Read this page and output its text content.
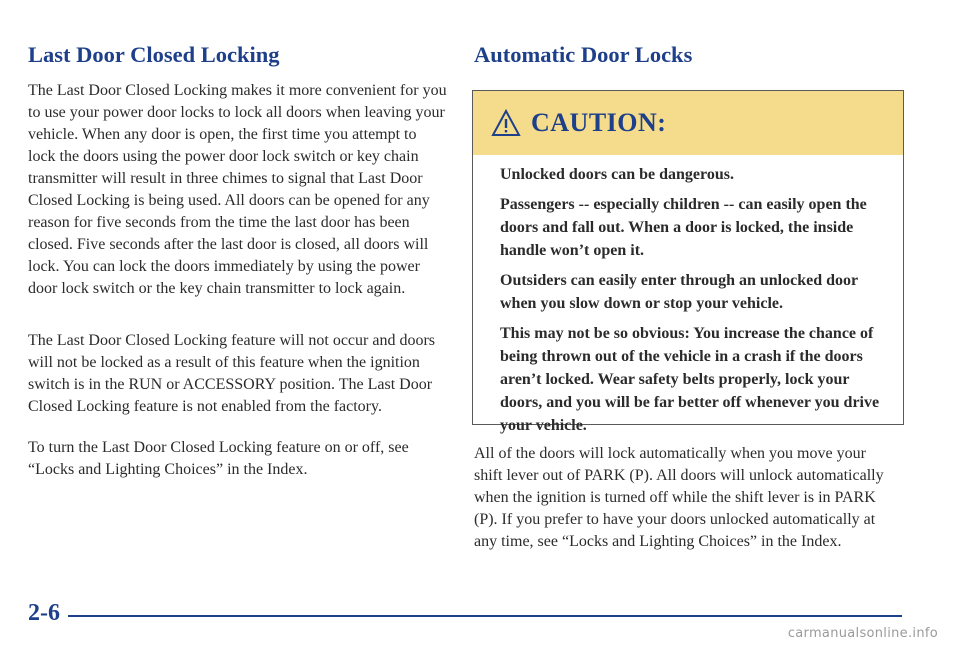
Last Door Closed Locking

The Last Door Closed Locking makes it more convenient for you to use your power door locks to lock all doors when leaving your vehicle. When any door is open, the first time you attempt to lock the doors using the power door lock switch or key chain transmitter will result in three chimes to signal that Last Door Closed Locking is being used. All doors can be opened for any reason for five seconds from the time the last door has been closed. Five seconds after the last door is closed, all doors will lock. You can lock the doors immediately by using the power door lock switch or the key chain transmitter to lock again.

The Last Door Closed Locking feature will not occur and doors will not be locked as a result of this feature when the ignition switch is in the RUN or ACCESSORY position. The Last Door Closed Locking feature is not enabled from the factory.

To turn the Last Door Closed Locking feature on or off, see “Locks and Lighting Choices” in the Index.

Automatic Door Locks

All of the doors will lock automatically when you move your shift lever out of PARK (P). All doors will unlock automatically when the ignition is turned off while the shift lever is in PARK (P). If you prefer to have your doors unlocked automatically at any time, see “Locks and Lighting Choices” in the Index.

CAUTION:

Unlocked doors can be dangerous.

Passengers -- especially children -- can easily open the doors and fall out. When a door is locked, the inside handle won’t open it.

Outsiders can easily enter through an unlocked door when you slow down or stop your vehicle.

This may not be so obvious: You increase the chance of being thrown out of the vehicle in a crash if the doors aren’t locked. Wear safety belts properly, lock your doors, and you will be far better off whenever you drive your vehicle.

2-6
carmanualsonline.info
